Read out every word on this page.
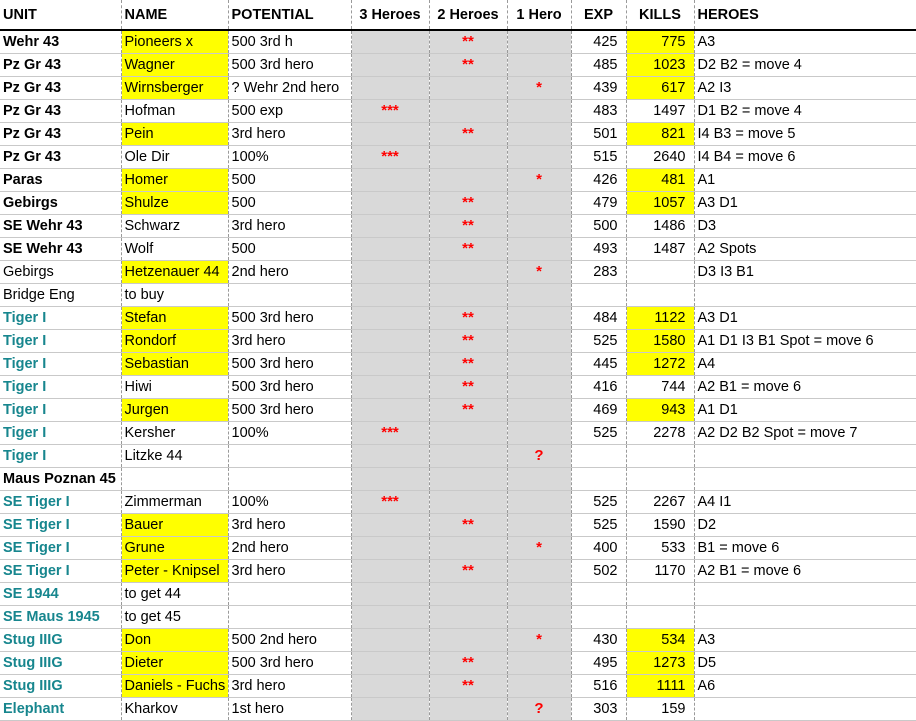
UNIT	NAME	POTENTIAL	3 Heroes	2 Heroes	1 Hero	EXP	KILLS	HEROES
Wehr 43	Pioneers x	500 3rd h		**		425	775	A3
Pz Gr 43	Wagner	500 3rd hero		**		485	1023	D2 B2 = move 4
Pz Gr 43	Wirnsberger	? Wehr 2nd hero			*	439	617	A2 I3
Pz Gr 43	Hofman	500 exp	***			483	1497	D1 B2 = move 4
Pz Gr 43	Pein	3rd hero		**		501	821	I4 B3 = move 5
Pz Gr 43	Ole Dir	100%	***			515	2640	I4 B4 = move 6
Paras	Homer	500			*	426	481	A1
Gebirgs	Shulze	500		**		479	1057	A3 D1
SE Wehr 43	Schwarz	3rd hero		**		500	1486	D3
SE Wehr 43	Wolf	500		**		493	1487	A2 Spots
Gebirgs	Hetzenauer 44	2nd hero			*	283		D3 I3 B1
Bridge Eng	to buy							
Tiger I	Stefan	500 3rd hero		**		484	1122	A3 D1
Tiger I	Rondorf	3rd hero		**		525	1580	A1 D1 I3 B1 Spot = move 6
Tiger I	Sebastian	500 3rd hero		**		445	1272	A4
Tiger I	Hiwi	500 3rd hero		**		416	744	A2 B1 = move 6
Tiger I	Jurgen	500 3rd hero		**		469	943	A1 D1
Tiger I	Kersher	100%	***			525	2278	A2 D2 B2 Spot = move 7
Tiger I	Litzke 44				?			
Maus Poznan 45								
SE Tiger I	Zimmerman	100%	***			525	2267	A4 I1
SE Tiger I	Bauer	3rd hero		**		525	1590	D2
SE Tiger I	Grune	2nd hero			*	400	533	B1 = move 6
SE Tiger I	Peter - Knipsel	3rd hero		**		502	1170	A2 B1 = move 6
SE 1944	to get 44							
SE Maus 1945	to get 45							
Stug IIIG	Don	500 2nd hero			*	430	534	A3
Stug IIIG	Dieter	500 3rd hero		**		495	1273	D5
Stug IIIG	Daniels - Fuchs	3rd hero		**		516	1111	A6
Elephant	Kharkov	1st hero			?	303	159	
